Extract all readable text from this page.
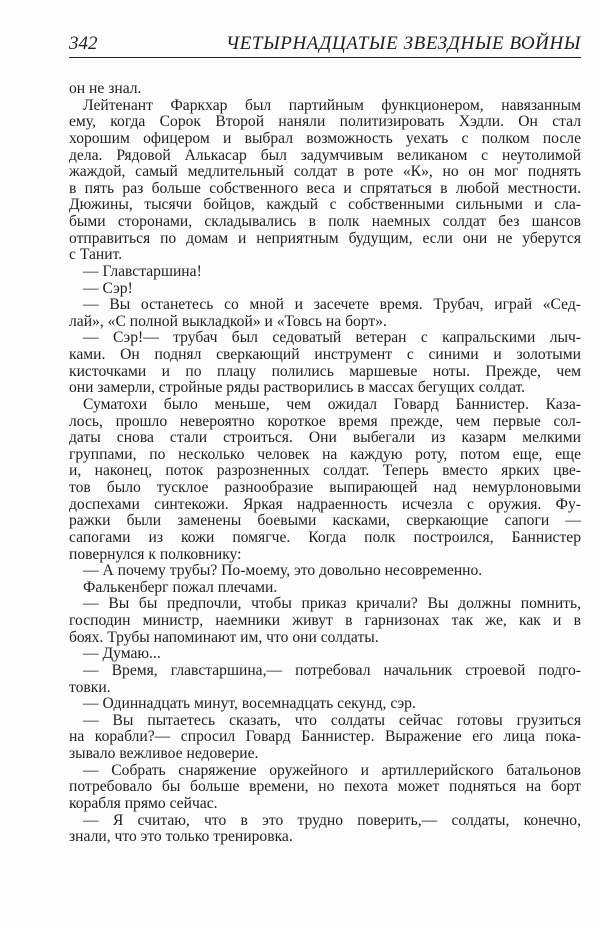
342	ЧЕТЫРНАДЦАТЫЕ ЗВЕЗДНЫЕ ВОЙНЫ
он не знал.
Лейтенант Фаркхар был партийным функционером, навязанным
ему, когда Сорок Второй наняли политизировать Хэдли. Он стал
хорошим офицером и выбрал возможность уехать с полком после
дела. Рядовой Алькасар был задумчивым великаном с неутолимой
жаждой, самый медлительный солдат в роте «К», но он мог поднять
в пять раз больше собственного веса и спрятаться в любой местности.
Дюжины, тысячи бойцов, каждый с собственными сильными и сла-
быми сторонами, складывались в полк наемных солдат без шансов
отправиться по домам и неприятным будущим, если они не уберутся
с Танит.
— Главстаршина!
— Сэр!
— Вы останетесь со мной и засечете время. Трубач, играй «Сед-
лай», «С полной выкладкой» и «Товсь на борт».
— Сэр!— трубач был седоватый ветеран с капральскими лыч-
ками. Он поднял сверкающий инструмент с синими и золотыми
кисточками и по плацу полились маршевые ноты. Прежде, чем
они замерли, стройные ряды растворились в массах бегущих солдат.
Суматохи было меньше, чем ожидал Говард Баннистер. Каза-
лось, прошло невероятно короткое время прежде, чем первые сол-
даты снова стали строиться. Они выбегали из казарм мелкими
группами, по несколько человек на каждую роту, потом еще, еще
и, наконец, поток разрозненных солдат. Теперь вместо ярких цве-
тов было тусклое разнообразие выпирающей над немурлоновыми
доспехами синтекожи. Яркая надраенность исчезла с оружия. Фу-
ражки были заменены боевыми касками, сверкающие сапоги —
сапогами из кожи помягче. Когда полк построился, Баннистер
повернулся к полковнику:
— А почему трубы? По-моему, это довольно несовременно.
Фалькенберг пожал плечами.
— Вы бы предпочли, чтобы приказ кричали? Вы должны помнить,
господин министр, наемники живут в гарнизонах так же, как и в
боях. Трубы напоминают им, что они солдаты.
— Думаю...
— Время, главстаршина,— потребовал начальник строевой подго-
товки.
— Одиннадцать минут, восемнадцать секунд, сэр.
— Вы пытаетесь сказать, что солдаты сейчас готовы грузиться
на корабли?— спросил Говард Баннистер. Выражение его лица пока-
зывало вежливое недоверие.
— Собрать снаряжение оружейного и артиллерийского батальонов
потребовало бы больше времени, но пехота может подняться на борт
корабля прямо сейчас.
— Я считаю, что в это трудно поверить,— солдаты, конечно,
знали, что это только тренировка.
